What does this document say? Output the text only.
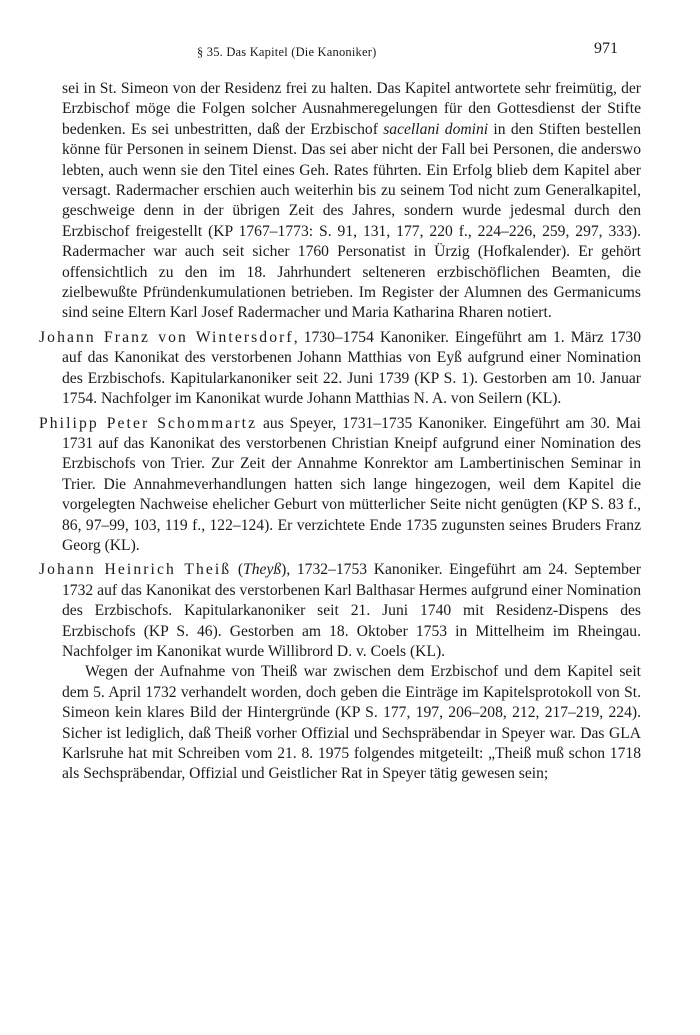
§ 35. Das Kapitel (Die Kanoniker)	971

sei in St. Simeon von der Residenz frei zu halten. Das Kapitel antwortete sehr freimütig, der Erzbischof möge die Folgen solcher Ausnahmeregelungen für den Gottesdienst der Stifte bedenken. Es sei unbestritten, daß der Erzbischof sacellani domini in den Stiften bestellen könne für Personen in seinem Dienst. Das sei aber nicht der Fall bei Personen, die anderswo lebten, auch wenn sie den Titel eines Geh. Rates führten. Ein Erfolg blieb dem Kapitel aber versagt. Radermacher erschien auch weiterhin bis zu seinem Tod nicht zum Generalkapitel, geschweige denn in der übrigen Zeit des Jahres, sondern wurde jedesmal durch den Erzbischof freigestellt (KP 1767–1773: S. 91, 131, 177, 220 f., 224–226, 259, 297, 333). Radermacher war auch seit sicher 1760 Personatist in Ürzig (Hofkalender). Er gehört offensichtlich zu den im 18. Jahrhundert selteneren erzbischöflichen Beamten, die zielbewußte Pfründenkumulationen betrieben. Im Register der Alumnen des Germanicums sind seine Eltern Karl Josef Radermacher und Maria Katharina Rharen notiert.

Johann Franz von Wintersdorf, 1730–1754 Kanoniker. Eingeführt am 1. März 1730 auf das Kanonikat des verstorbenen Johann Matthias von Eyß aufgrund einer Nomination des Erzbischofs. Kapitularkanoniker seit 22. Juni 1739 (KP S. 1). Gestorben am 10. Januar 1754. Nachfolger im Kanonikat wurde Johann Matthias N. A. von Seilern (KL).

Philipp Peter Schommartz aus Speyer, 1731–1735 Kanoniker. Eingeführt am 30. Mai 1731 auf das Kanonikat des verstorbenen Christian Kneipf aufgrund einer Nomination des Erzbischofs von Trier. Zur Zeit der Annahme Konrektor am Lambertinischen Seminar in Trier. Die Annahmeverhandlungen hatten sich lange hingezogen, weil dem Kapitel die vorgelegten Nachweise ehelicher Geburt von mütterlicher Seite nicht genügten (KP S. 83 f., 86, 97–99, 103, 119 f., 122–124). Er verzichtete Ende 1735 zugunsten seines Bruders Franz Georg (KL).

Johann Heinrich Theiß (Theyß), 1732–1753 Kanoniker. Eingeführt am 24. September 1732 auf das Kanonikat des verstorbenen Karl Balthasar Hermes aufgrund einer Nomination des Erzbischofs. Kapitularkanoniker seit 21. Juni 1740 mit Residenz-Dispens des Erzbischofs (KP S. 46). Gestorben am 18. Oktober 1753 in Mittelheim im Rheingau. Nachfolger im Kanonikat wurde Willibrord D. v. Coels (KL).

Wegen der Aufnahme von Theiß war zwischen dem Erzbischof und dem Kapitel seit dem 5. April 1732 verhandelt worden, doch geben die Einträge im Kapitelsprotokoll von St. Simeon kein klares Bild der Hintergründe (KP S. 177, 197, 206–208, 212, 217–219, 224). Sicher ist lediglich, daß Theiß vorher Offizial und Sechspräbendar in Speyer war. Das GLA Karlsruhe hat mit Schreiben vom 21. 8. 1975 folgendes mitgeteilt: „Theiß muß schon 1718 als Sechspräbendar, Offizial und Geistlicher Rat in Speyer tätig gewesen sein;
